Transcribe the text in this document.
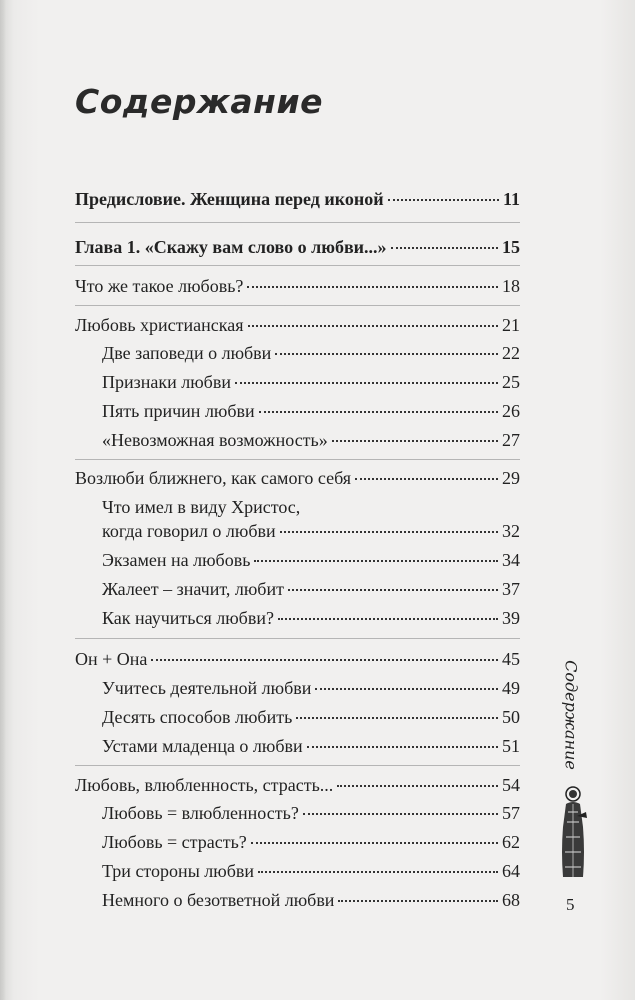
Содержание
Предисловие. Женщина перед иконой	11
Глава 1. «Скажу вам слово о любви...»	15
Что же такое любовь?	18
Любовь христианская	21
Две заповеди о любви	22
Признаки любви	25
Пять причин любви	26
«Невозможная возможность»	27
Возлюби ближнего, как самого себя	29
Что имел в виду Христос,
когда говорил о любви	32
Экзамен на любовь	34
Жалеет – значит, любит	37
Как научиться любви?	39
Он + Она	45
Учитесь деятельной любви	49
Десять способов любить	50
Устами младенца о любви	51
Любовь, влюбленность, страсть...	54
Любовь = влюбленность?	57
Любовь = страсть?	62
Три стороны любви	64
Немного о безответной любви	68
Содержание
5
